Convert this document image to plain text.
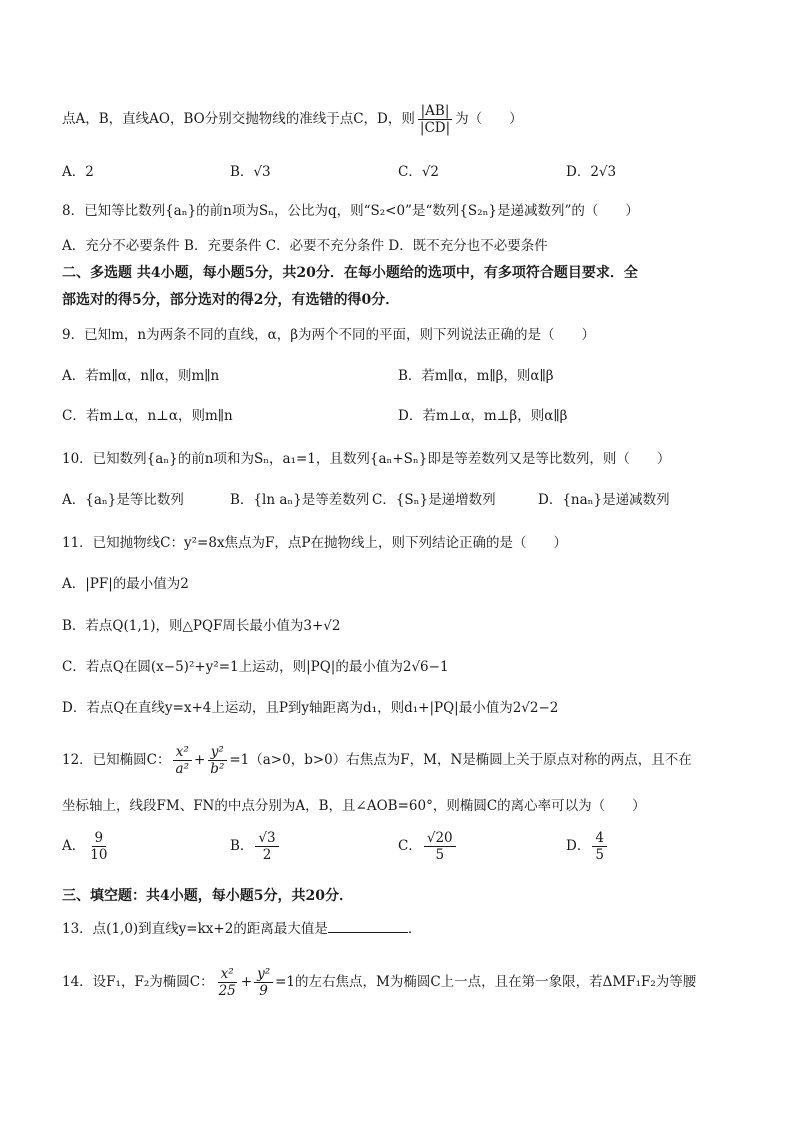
点A，B，直线AO，BO分别交抛物线的准线于点C，D，则 $\frac{|AB|}{|CD|}$ 为（　　）
A．2	B．√3	C．√2	D．2√3
8．已知等比数列{aₙ}的前n项为Sₙ，公比为q，则“S₂<0”是“数列{S₂ₙ}是递减数列”的（　　）
A．充分不必要条件 B．充要条件 C．必要不充分条件 D．既不充分也不必要条件
二、多选题 共4小题，每小题5分，共20分．在每小题给的选项中，有多项符合题目要求．全
部选对的得5分，部分选对的得2分，有选错的得0分．
9．已知m，n为两条不同的直线，α，β为两个不同的平面，则下列说法正确的是（　　）
A．若m∥α，n∥α，则m∥n	B．若m∥α，m∥β，则α∥β
C．若m⊥α，n⊥α，则m∥n	D．若m⊥α，m⊥β，则α∥β
10．已知数列{aₙ}的前n项和为Sₙ，a₁=1，且数列{aₙ+Sₙ}即是等差数列又是等比数列，则（　　）
A．{aₙ}是等比数列	B．{ln aₙ}是等差数列 C．{Sₙ}是递增数列	D．{naₙ}是递减数列
11．已知抛物线C：y²=8x焦点为F，点P在抛物线上，则下列结论正确的是（　　）
A．|PF|的最小值为2
B．若点Q(1,1)，则△PQF周长最小值为3+√2
C．若点Q在圆(x−5)²+y²=1上运动，则|PQ|的最小值为2√6−1
D．若点Q在直线y=x+4上运动，且P到y轴距离为d₁，则d₁+|PQ|最小值为2√2−2
12．已知椭圆C： $\frac{\text{x²}}{\text{a²}} + \frac{\text{y²}}{\text{b²}} =1(a>0$，b>0）右焦点为F，M，N是椭圆上关于原点对称的两点，且不在
坐标轴上，线段FM、FN的中点分别为A，B，且∠AOB=60°，则椭圆C的离心率可以为（　　）
A． $\frac{9}{10}$	B． $\frac{√3}{2}$	C． $\frac{√20}{5}$	D． $\frac{4}{5}$
三、填空题：共4小题，每小题5分，共20分．
13．点(1,0)到直线y=kx+2的距离最大值是	．
14．设F₁，F₂为椭圆C： $\frac{\text{x²}}{25} + \frac{\text{y²}}{9} =1$的左右焦点，M为椭圆C上一点，且在第一象限，若ΔMF₁F₂为等腰
